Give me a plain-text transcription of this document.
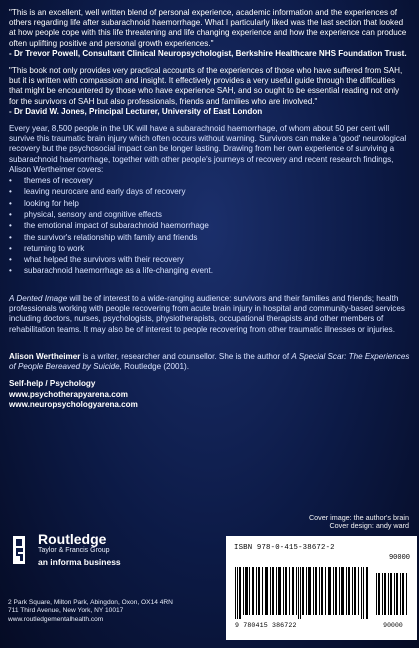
"This is an excellent, well written blend of personal experience, academic information and the experiences of others regarding life after subarachnoid haemorrhage. What I particularly liked was the last section that looked at how people cope with this life threatening and life changing experience and how the experience can produce often uplifting positive and personal growth experiences."

- Dr Trevor Powell, Consultant Clinical Neuropsychologist, Berkshire Healthcare NHS Foundation Trust.

"This book not only provides very practical accounts of the experiences of those who have suffered from SAH, but it is written with compassion and insight. It effectively provides a very useful guide through the difficulties that might be encountered by those who have experience SAH, and so ought to be essential reading not only for the survivors of SAH but also professionals, friends and families who are involved."

- Dr David W. Jones, Principal Lecturer, University of East London

Every year, 8,500 people in the UK will have a subarachnoid haemorrhage, of whom about 50 per cent will survive this traumatic brain injury which often occurs without warning. Survivors can make a 'good' neurological recovery but the psychosocial impact can be longer lasting. Drawing from her own experience of surviving a subarachnoid haemorrhage, together with other people's journeys of recovery and recent research findings, Alison Wertheimer covers:

• themes of recovery
• leaving neurocare and early days of recovery
• looking for help
• physical, sensory and cognitive effects
• the emotional impact of subarachnoid haemorrhage
• the survivor's relationship with family and friends
• returning to work
• what helped the survivors with their recovery
• subarachnoid haemorrhage as a life-changing event.

A Dented Image will be of interest to a wide-ranging audience: survivors and their families and friends; health professionals working with people recovering from acute brain injury in hospital and community-based services including doctors, nurses, psychologists, physiotherapists, occupational therapists and other members of rehabilitation teams. It may also be of interest to people recovering from other traumatic illnesses or injuries.

Alison Wertheimer is a writer, researcher and counsellor. She is the author of A Special Scar: The Experiences of People Bereaved by Suicide, Routledge (2001).

Self-help / Psychology

www.psychotherapyarena.com

www.neuropsychologyarena.com

Cover image: the author's brain
Cover design: andy ward

Routledge

Taylor & Francis Group

an informa business

2 Park Square, Milton Park, Abingdon, Oxon, OX14 4RN
711 Third Avenue, New York, NY 10017
www.routledgementalhealth.com
ISBN 978-0-415-38672-2
90000
9 780415 386722	90000
